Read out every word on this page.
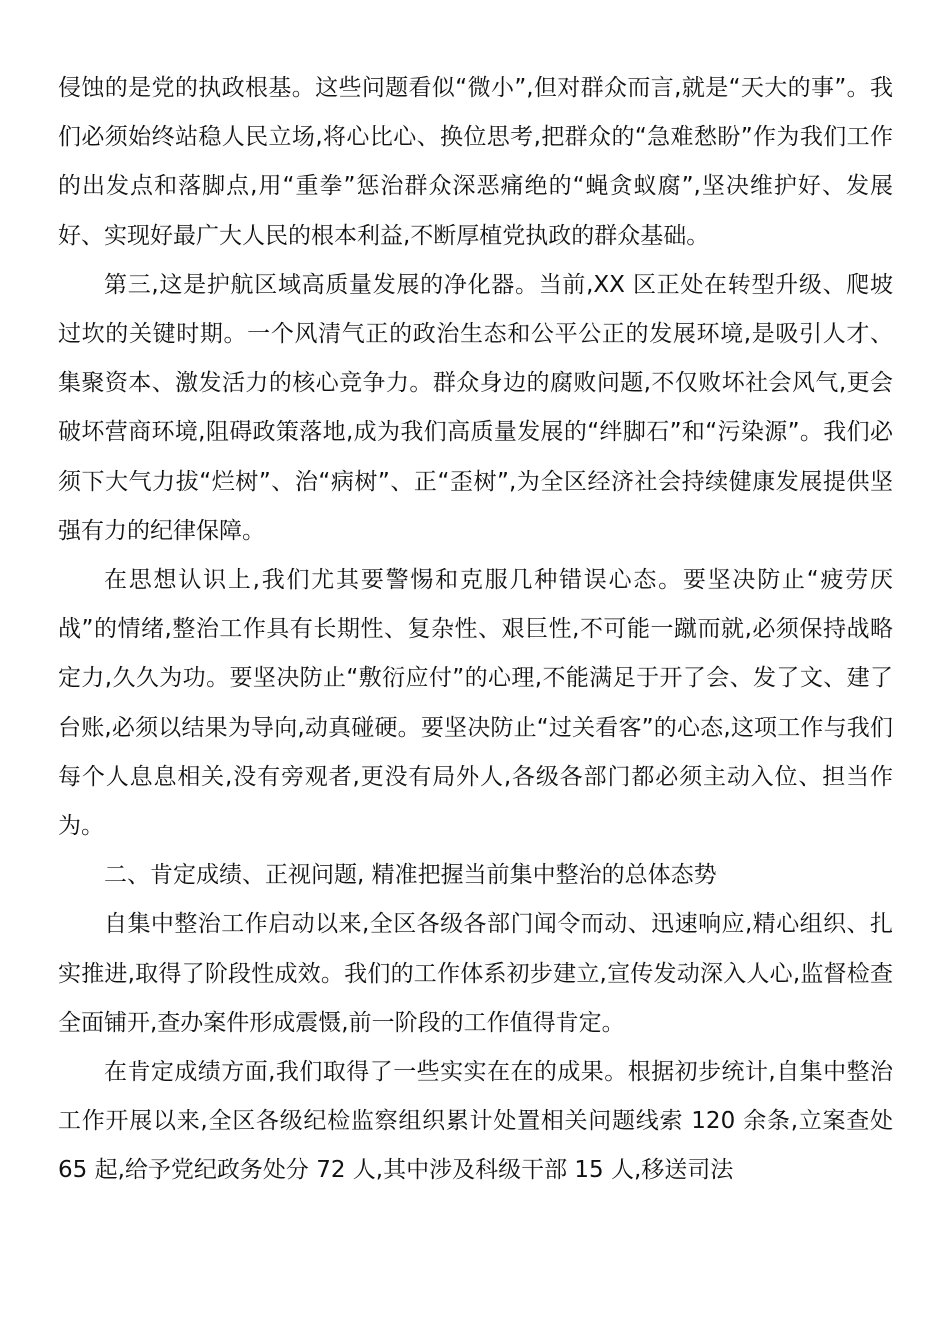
侵蚀的是党的执政根基。这些问题看似“微小”,但对群众而言,就是“天大的事”。我们必须始终站稳人民立场,将心比心、换位思考,把群众的“急难愁盼”作为我们工作的出发点和落脚点,用“重拳”惩治群众深恶痛绝的“蝇贪蚁腐”,坚决维护好、发展好、实现好最广大人民的根本利益,不断厚植党执政的群众基础。

第三,这是护航区域高质量发展的净化器。当前,XX 区正处在转型升级、爬坡过坎的关键时期。一个风清气正的政治生态和公平公正的发展环境,是吸引人才、集聚资本、激发活力的核心竞争力。群众身边的腐败问题,不仅败坏社会风气,更会破坏营商环境,阻碍政策落地,成为我们高质量发展的“绊脚石”和“污染源”。我们必须下大气力拔“烂树”、治“病树”、正“歪树”,为全区经济社会持续健康发展提供坚强有力的纪律保障。

在思想认识上,我们尤其要警惕和克服几种错误心态。要坚决防止“疲劳厌战”的情绪,整治工作具有长期性、复杂性、艰巨性,不可能一蹴而就,必须保持战略定力,久久为功。要坚决防止“敷衍应付”的心理,不能满足于开了会、发了文、建了台账,必须以结果为导向,动真碰硬。要坚决防止“过关看客”的心态,这项工作与我们每个人息息相关,没有旁观者,更没有局外人,各级各部门都必须主动入位、担当作为。

二、肯定成绩、正视问题, 精准把握当前集中整治的总体态势

自集中整治工作启动以来,全区各级各部门闻令而动、迅速响应,精心组织、扎实推进,取得了阶段性成效。我们的工作体系初步建立,宣传发动深入人心,监督检查全面铺开,查办案件形成震慑,前一阶段的工作值得肯定。

在肯定成绩方面,我们取得了一些实实在在的成果。根据初步统计,自集中整治工作开展以来,全区各级纪检监察组织累计处置相关问题线索 120 余条,立案查处 65 起,给予党纪政务处分 72 人,其中涉及科级干部 15 人,移送司法
